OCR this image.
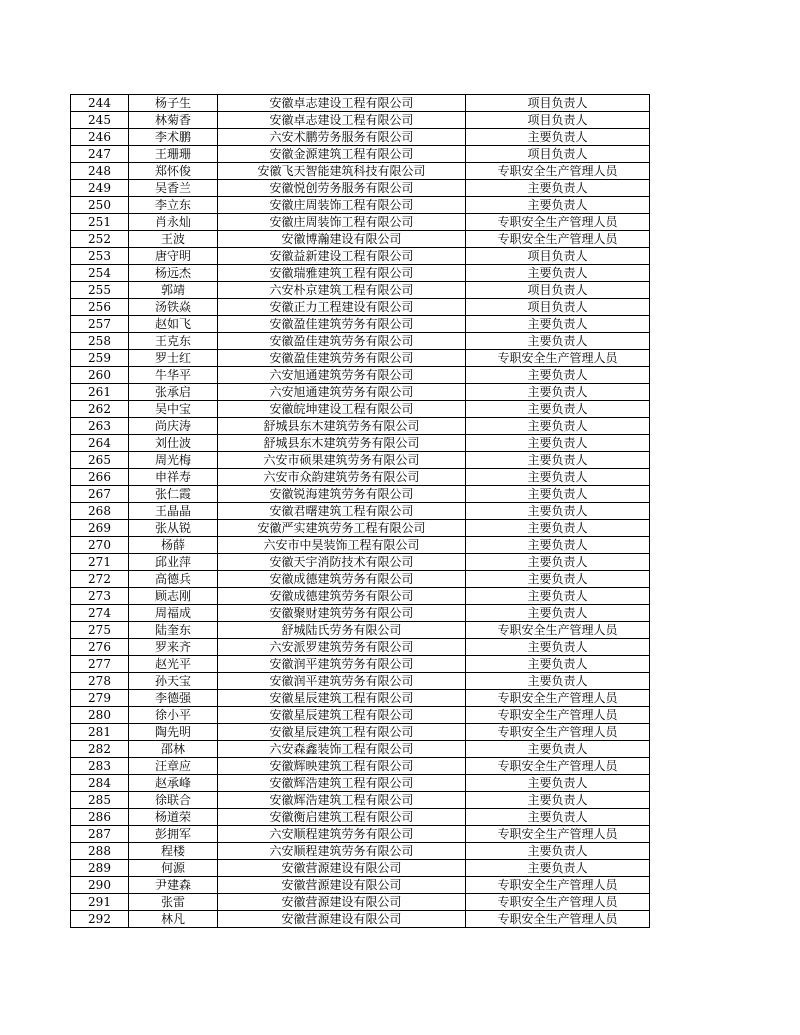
244	杨子生	安徽卓志建设工程有限公司	项目负责人
245	林菊香	安徽卓志建设工程有限公司	项目负责人
246	李术鹏	六安术鹏劳务服务有限公司	主要负责人
247	王珊珊	安徽金源建筑工程有限公司	项目负责人
248	郑怀俊	安徽飞天智能建筑科技有限公司	专职安全生产管理人员
249	吴香兰	安徽悦创劳务服务有限公司	主要负责人
250	李立东	安徽庄周装饰工程有限公司	主要负责人
251	肖永灿	安徽庄周装饰工程有限公司	专职安全生产管理人员
252	王波	安徽博瀚建设有限公司	专职安全生产管理人员
253	唐守明	安徽益新建设工程有限公司	项目负责人
254	杨远杰	安徽瑞雅建筑工程有限公司	主要负责人
255	郭靖	六安朴京建筑工程有限公司	项目负责人
256	汤铁焱	安徽正力工程建设有限公司	项目负责人
257	赵如飞	安徽盈佳建筑劳务有限公司	主要负责人
258	王克东	安徽盈佳建筑劳务有限公司	主要负责人
259	罗士红	安徽盈佳建筑劳务有限公司	专职安全生产管理人员
260	牛华平	六安旭通建筑劳务有限公司	主要负责人
261	张承启	六安旭通建筑劳务有限公司	主要负责人
262	吴中宝	安徽皖坤建设工程有限公司	主要负责人
263	尚庆涛	舒城县东木建筑劳务有限公司	主要负责人
264	刘仕波	舒城县东木建筑劳务有限公司	主要负责人
265	周光梅	六安市硕果建筑劳务有限公司	主要负责人
266	申祥寿	六安市众韵建筑劳务有限公司	主要负责人
267	张仁霞	安徽锐海建筑劳务有限公司	主要负责人
268	王晶晶	安徽君曙建筑工程有限公司	主要负责人
269	张从锐	安徽严实建筑劳务工程有限公司	主要负责人
270	杨薛	六安市中昊装饰工程有限公司	主要负责人
271	邱业萍	安徽天宇消防技术有限公司	主要负责人
272	高德兵	安徽成德建筑劳务有限公司	主要负责人
273	顾志刚	安徽成德建筑劳务有限公司	主要负责人
274	周福成	安徽聚财建筑劳务有限公司	主要负责人
275	陆奎东	舒城陆氏劳务有限公司	专职安全生产管理人员
276	罗来齐	六安派罗建筑劳务有限公司	主要负责人
277	赵光平	安徽润平建筑劳务有限公司	主要负责人
278	孙天宝	安徽润平建筑劳务有限公司	主要负责人
279	李德强	安徽星辰建筑工程有限公司	专职安全生产管理人员
280	徐小平	安徽星辰建筑工程有限公司	专职安全生产管理人员
281	陶先明	安徽星辰建筑工程有限公司	专职安全生产管理人员
282	邵林	六安森鑫装饰工程有限公司	主要负责人
283	汪章应	安徽辉映建筑工程有限公司	专职安全生产管理人员
284	赵承峰	安徽辉浩建筑工程有限公司	主要负责人
285	徐联合	安徽辉浩建筑工程有限公司	主要负责人
286	杨道荣	安徽衡启建筑工程有限公司	主要负责人
287	彭拥军	六安顺程建筑劳务有限公司	专职安全生产管理人员
288	程楼	六安顺程建筑劳务有限公司	主要负责人
289	何源	安徽营源建设有限公司	主要负责人
290	尹建森	安徽营源建设有限公司	专职安全生产管理人员
291	张雷	安徽营源建设有限公司	专职安全生产管理人员
292	林凡	安徽营源建设有限公司	专职安全生产管理人员
